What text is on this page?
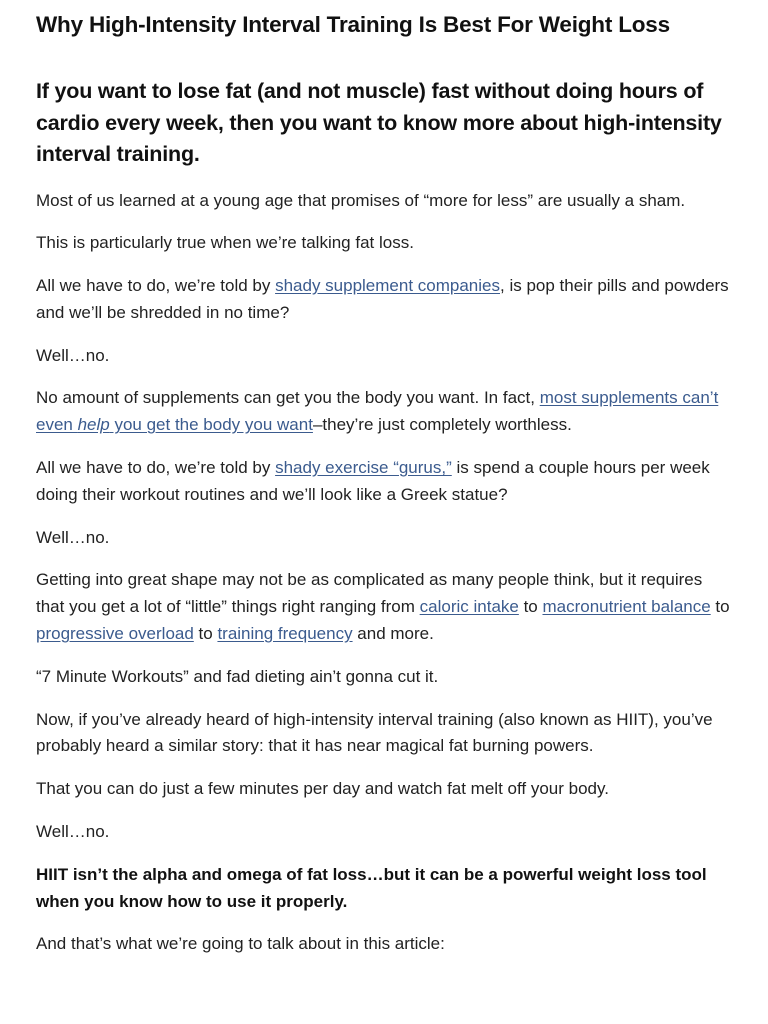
Why High-Intensity Interval Training Is Best For Weight Loss
If you want to lose fat (and not muscle) fast without doing hours of cardio every week, then you want to know more about high-intensity interval training.

Most of us learned at a young age that promises of “more for less” are usually a sham.

This is particularly true when we’re talking fat loss.

All we have to do, we’re told by shady supplement companies, is pop their pills and powders and we’ll be shredded in no time?

Well…no.

No amount of supplements can get you the body you want. In fact, most supplements can’t even help you get the body you want–they’re just completely worthless.

All we have to do, we’re told by shady exercise “gurus,” is spend a couple hours per week doing their workout routines and we’ll look like a Greek statue?

Well…no.

Getting into great shape may not be as complicated as many people think, but it requires that you get a lot of “little” things right ranging from caloric intake to macronutrient balance to progressive overload to training frequency and more.

“7 Minute Workouts” and fad dieting ain’t gonna cut it.

Now, if you’ve already heard of high-intensity interval training (also known as HIIT), you’ve probably heard a similar story: that it has near magical fat burning powers.

That you can do just a few minutes per day and watch fat melt off your body.

Well…no.

HIIT isn’t the alpha and omega of fat loss…but it can be a powerful weight loss tool when you know how to use it properly.

And that’s what we’re going to talk about in this article:
